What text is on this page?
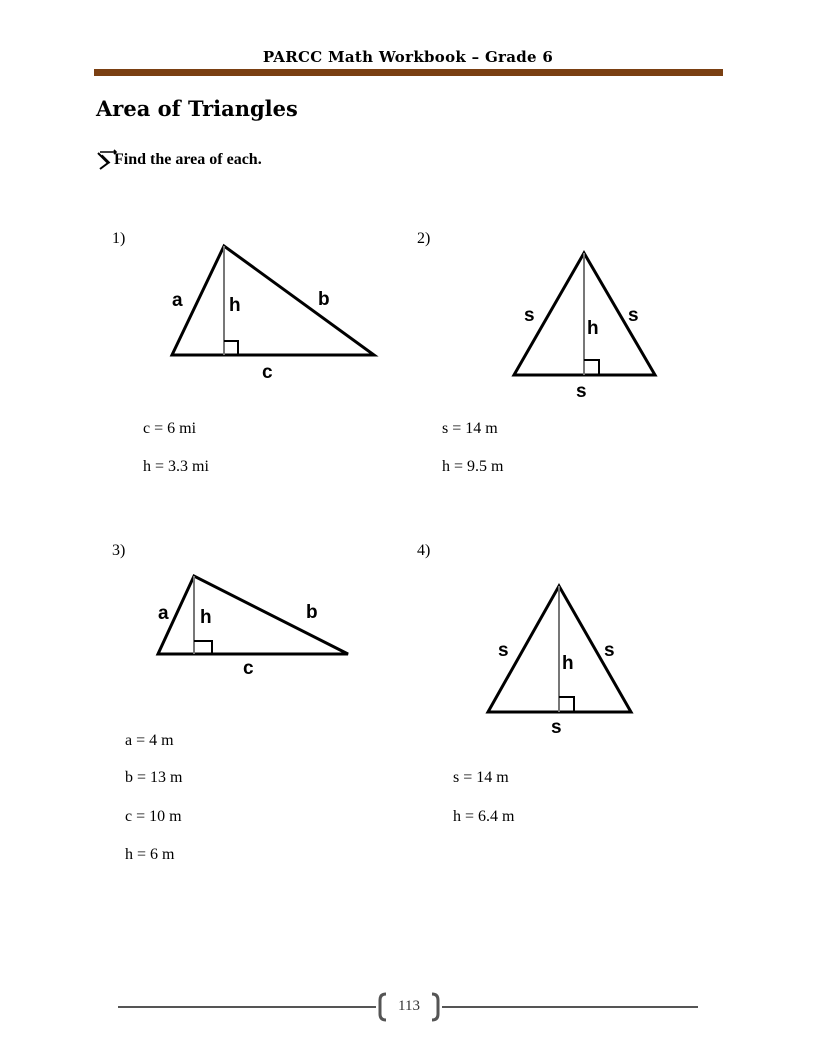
PARCC Math Workbook – Grade 6
Area of Triangles
Find the area of each.
1)
a h	b
c
c = 6 mi
h = 3.3 mi
2)
s
h
s
s
s = 14 m
h = 9.5 m
3)
a h	b
c
a = 4 m
b = 13 m
c = 10 m
h = 6 m
4)
s
h
s
s
s = 14 m
h = 6.4 m
113
